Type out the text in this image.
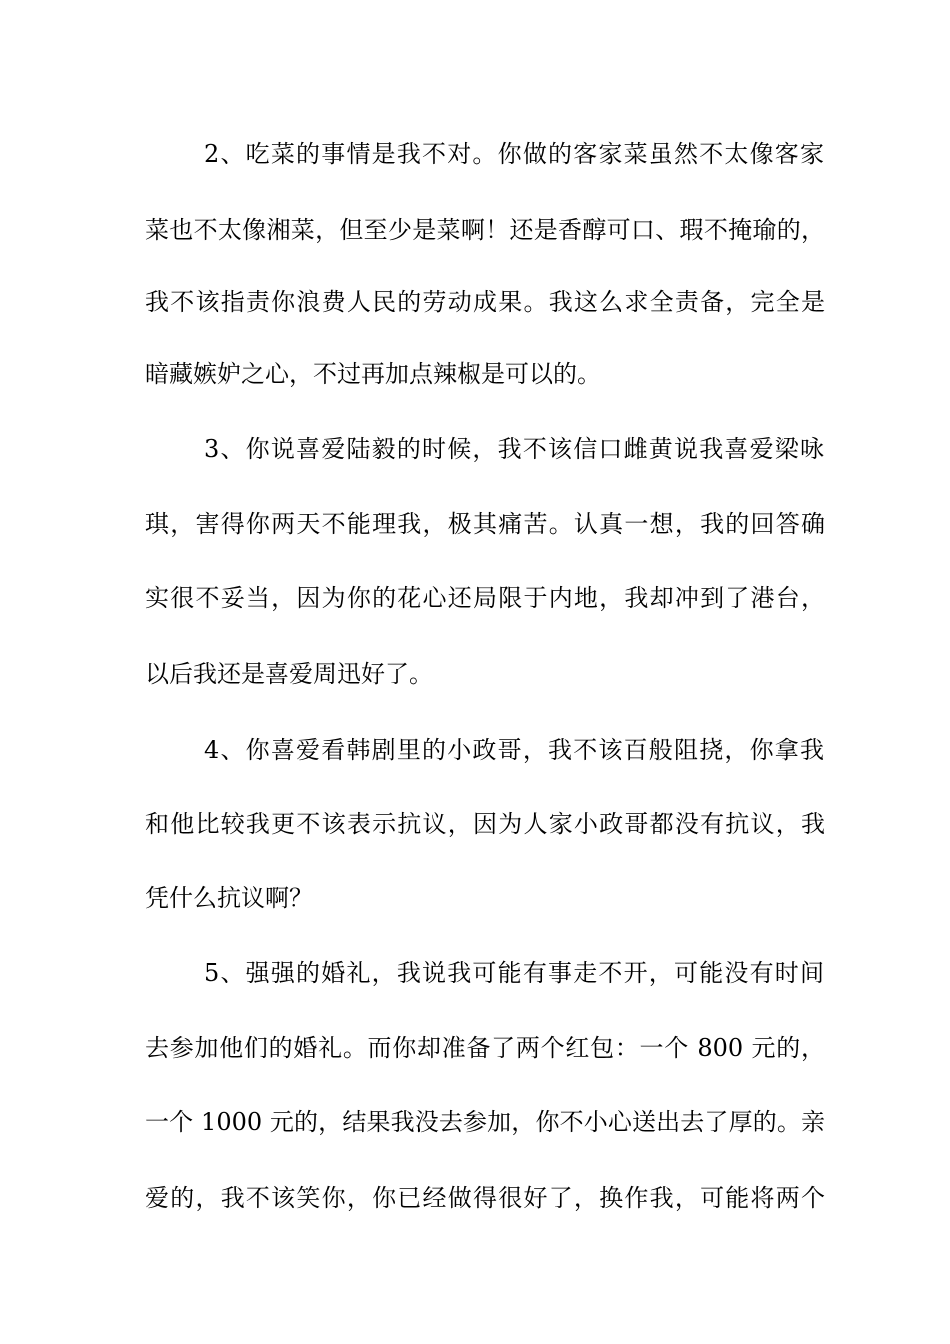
2、吃菜的事情是我不对。你做的客家菜虽然不太像客家
菜也不太像湘菜，但至少是菜啊！还是香醇可口、瑕不掩瑜的，
我不该指责你浪费人民的劳动成果。我这么求全责备，完全是
暗藏嫉妒之心，不过再加点辣椒是可以的。
3、你说喜爱陆毅的时候，我不该信口雌黄说我喜爱梁咏
琪，害得你两天不能理我，极其痛苦。认真一想，我的回答确
实很不妥当，因为你的花心还局限于内地，我却冲到了港台，
以后我还是喜爱周迅好了。
4、你喜爱看韩剧里的小政哥，我不该百般阻挠，你拿我
和他比较我更不该表示抗议，因为人家小政哥都没有抗议，我
凭什么抗议啊？
5、强强的婚礼，我说我可能有事走不开，可能没有时间
去参加他们的婚礼。而你却准备了两个红包：一个 800 元的，
一个 1000 元的，结果我没去参加，你不小心送出去了厚的。亲
爱的，我不该笑你，你已经做得很好了，换作我，可能将两个
